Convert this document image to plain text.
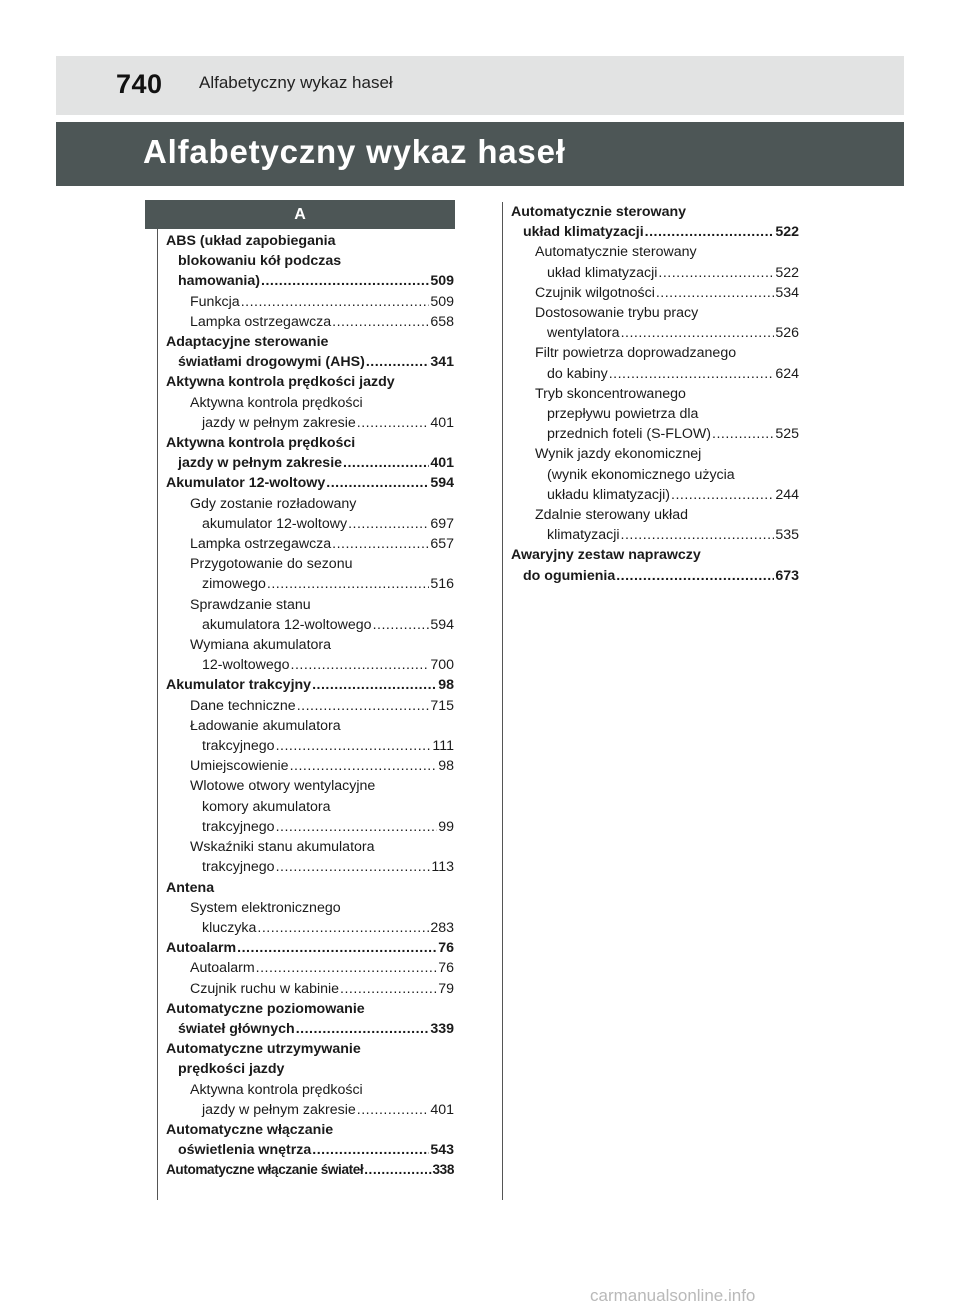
740 Alfabetyczny wykaz haseł
Alfabetyczny wykaz haseł
A
ABS (układ zapobiegania
blokowaniu kół podczas
hamowania) .....	509
Funkcja .....	509
Lampka ostrzegawcza .....	658
Adaptacyjne sterowanie
światłami drogowymi (AHS) .....	341
Aktywna kontrola prędkości jazdy
Aktywna kontrola prędkości
jazdy w pełnym zakresie .....	401
Aktywna kontrola prędkości
jazdy w pełnym zakresie .....	401
Akumulator 12-woltowy .....	594
Gdy zostanie rozładowany
akumulator 12-woltowy .....	697
Lampka ostrzegawcza .....	657
Przygotowanie do sezonu
zimowego .....	516
Sprawdzanie stanu
akumulatora 12-woltowego .....	594
Wymiana akumulatora
12-woltowego .....	700
Akumulator trakcyjny .....	98
Dane techniczne .....	715
Ładowanie akumulatora
trakcyjnego .....	111
Umiejscowienie .....	98
Wlotowe otwory wentylacyjne
komory akumulatora
trakcyjnego .....	99
Wskaźniki stanu akumulatora
trakcyjnego .....	113
Antena
System elektronicznego
kluczyka .....	283
Autoalarm .....	76
Autoalarm .....	76
Czujnik ruchu w kabinie .....	79
Automatyczne poziomowanie
świateł głównych .....	339
Automatyczne utrzymywanie
prędkości jazdy
Aktywna kontrola prędkości
jazdy w pełnym zakresie .....	401
Automatyczne włączanie
oświetlenia wnętrza .....	543
Automatyczne włączanie świateł .....	338
Automatycznie sterowany
układ klimatyzacji .....	522
Automatycznie sterowany
układ klimatyzacji .....	522
Czujnik wilgotności .....	534
Dostosowanie trybu pracy
wentylatora .....	526
Filtr powietrza doprowadzanego
do kabiny .....	624
Tryb skoncentrowanego
przepływu powietrza dla
przednich foteli (S-FLOW) .....	525
Wynik jazdy ekonomicznej
(wynik ekonomicznego użycia
układu klimatyzacji) .....	244
Zdalnie sterowany układ
klimatyzacji .....	535
Awaryjny zestaw naprawczy
do ogumienia .....	673
carmanualsonline.info
